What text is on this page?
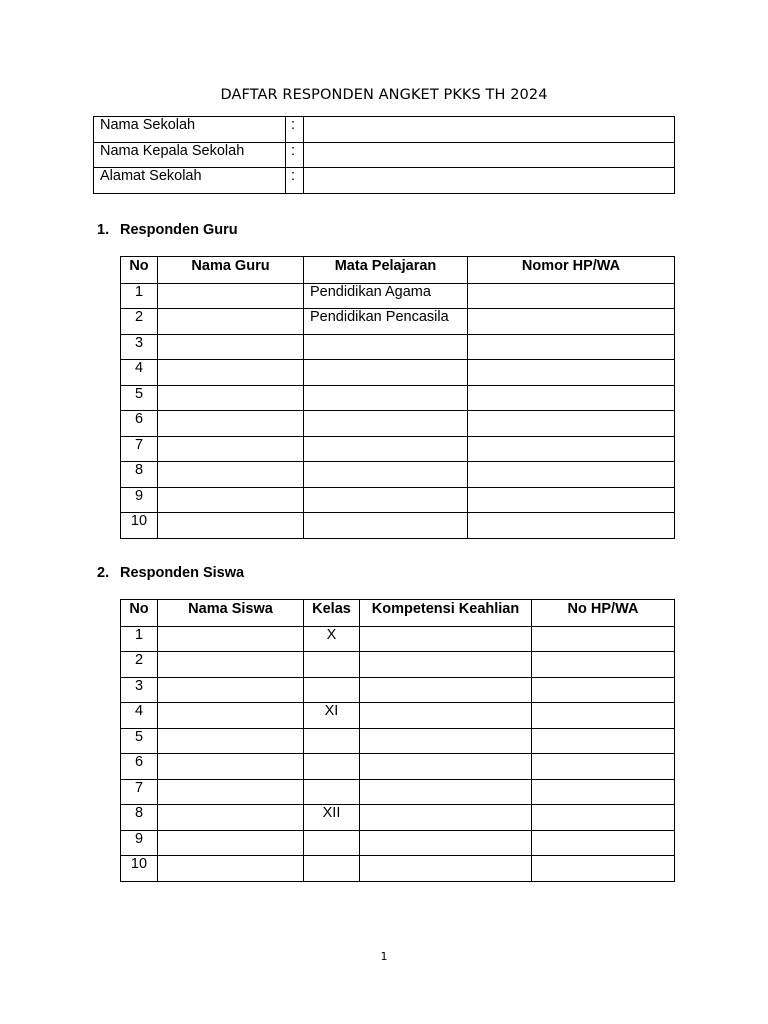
DAFTAR RESPONDEN ANGKET PKKS TH 2024
Nama Sekolah	:	
Nama Kepala Sekolah	:	
Alamat Sekolah	:	
1. Responden Guru
No	Nama Guru	Mata Pelajaran	Nomor HP/WA
1		Pendidikan Agama	
2		Pendidikan Pencasila	
3			
4			
5			
6			
7			
8			
9			
10			
2. Responden Siswa
No	Nama Siswa	Kelas	Kompetensi Keahlian	No HP/WA
1		X		
2				
3				
4		XI		
5				
6				
7				
8		XII		
9				
10				
1
